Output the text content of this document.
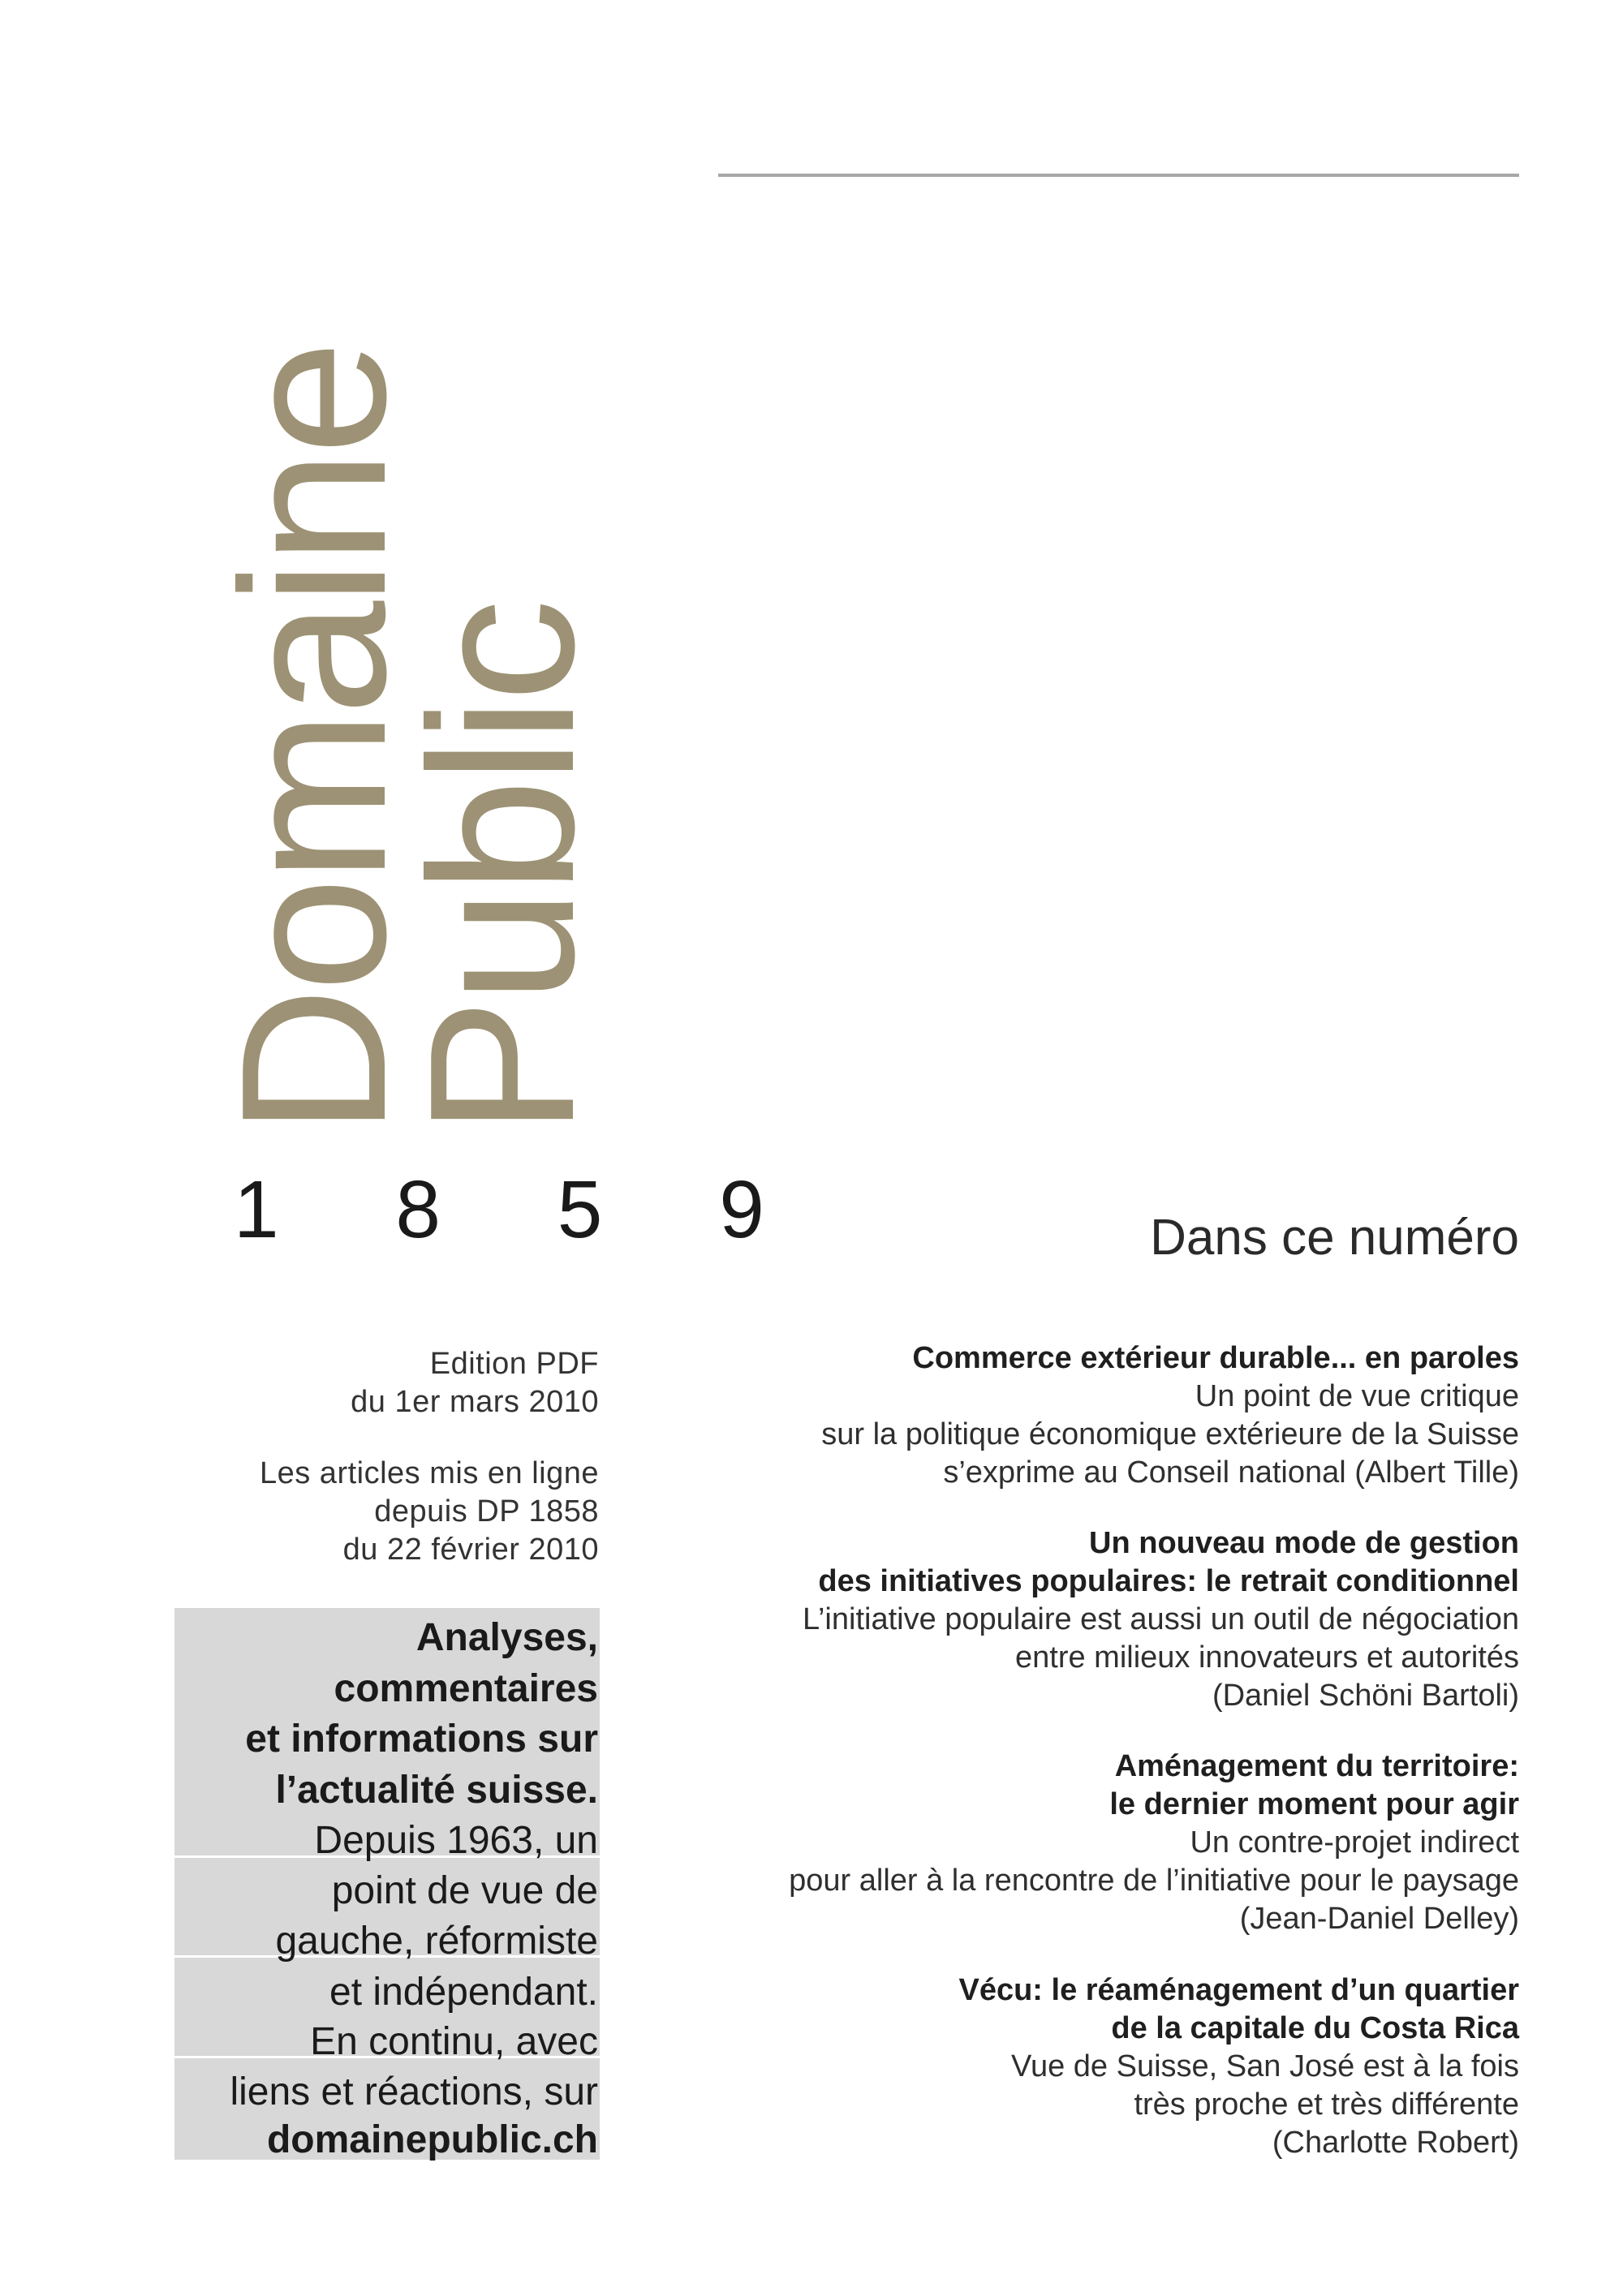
Domaine
Public
1 8 5 9
Edition PDF
du 1er mars 2010
Les articles mis en ligne
depuis DP 1858
du 22 février 2010
Analyses,
commentaires
et informations sur
l’actualité suisse.
Depuis 1963, un
point de vue de
gauche, réformiste
et indépendant.
En continu, avec
liens et réactions, sur
domainepublic.ch
Dans ce numéro
Commerce extérieur durable... en paroles
Un point de vue critique
sur la politique économique extérieure de la Suisse
s’exprime au Conseil national (Albert Tille)
Un nouveau mode de gestion
des initiatives populaires: le retrait conditionnel
L’initiative populaire est aussi un outil de négociation
entre milieux innovateurs et autorités
(Daniel Schöni Bartoli)
Aménagement du territoire:
le dernier moment pour agir
Un contre-projet indirect
pour aller à la rencontre de l’initiative pour le paysage
(Jean-Daniel Delley)
Vécu: le réaménagement d’un quartier
de la capitale du Costa Rica
Vue de Suisse, San José est à la fois
très proche et très différente
(Charlotte Robert)
